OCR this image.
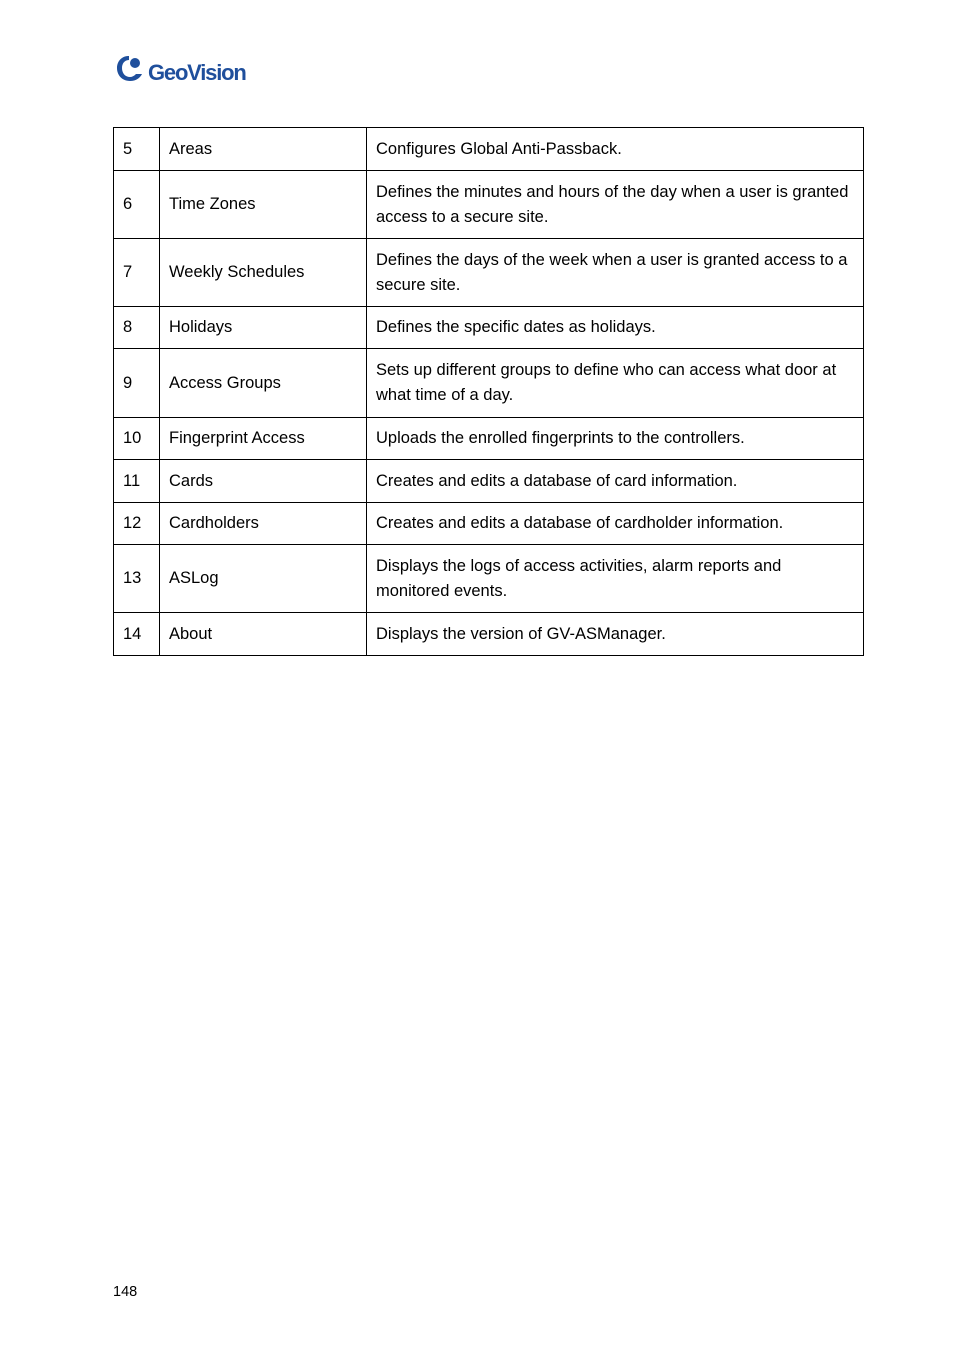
GeoVision
5	Areas	Configures Global Anti-Passback.
6	Time Zones	Defines the minutes and hours of the day when a user is granted access to a secure site.
7	Weekly Schedules	Defines the days of the week when a user is granted access to a secure site.
8	Holidays	Defines the specific dates as holidays.
9	Access Groups	Sets up different groups to define who can access what door at what time of a day.
10	Fingerprint Access	Uploads the enrolled fingerprints to the controllers.
11	Cards	Creates and edits a database of card information.
12	Cardholders	Creates and edits a database of cardholder information.
13	ASLog	Displays the logs of access activities, alarm reports and monitored events.
14	About	Displays the version of GV-ASManager.
148
